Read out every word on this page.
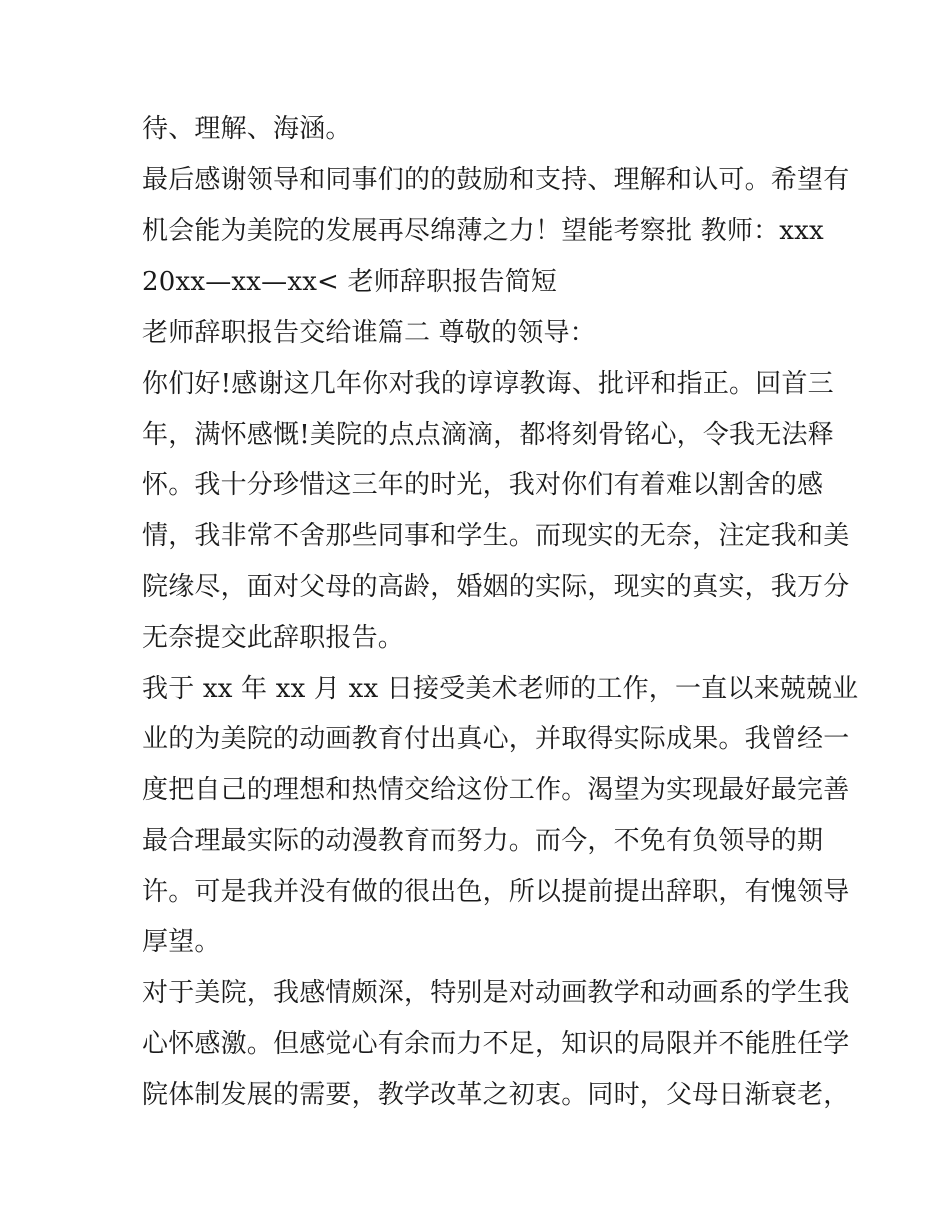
待、理解、海涵。
最后感谢领导和同事们的的鼓励和支持、理解和认可。希望有
机会能为美院的发展再尽绵薄之力！望能考察批 教师：xxx
20xx—xx—xx< 老师辞职报告简短
老师辞职报告交给谁篇二 尊敬的领导：
你们好!感谢这几年你对我的谆谆教诲、批评和指正。回首三
年，满怀感慨!美院的点点滴滴，都将刻骨铭心，令我无法释
怀。我十分珍惜这三年的时光，我对你们有着难以割舍的感
情，我非常不舍那些同事和学生。而现实的无奈，注定我和美
院缘尽，面对父母的高龄，婚姻的实际，现实的真实，我万分
无奈提交此辞职报告。
我于 xx 年 xx 月 xx 日接受美术老师的工作，一直以来兢兢业
业的为美院的动画教育付出真心，并取得实际成果。我曾经一
度把自己的理想和热情交给这份工作。渴望为实现最好最完善
最合理最实际的动漫教育而努力。而今，不免有负领导的期
许。可是我并没有做的很出色，所以提前提出辞职，有愧领导
厚望。
对于美院，我感情颇深，特别是对动画教学和动画系的学生我
心怀感激。但感觉心有余而力不足，知识的局限并不能胜任学
院体制发展的需要，教学改革之初衷。同时，父母日渐衰老，
